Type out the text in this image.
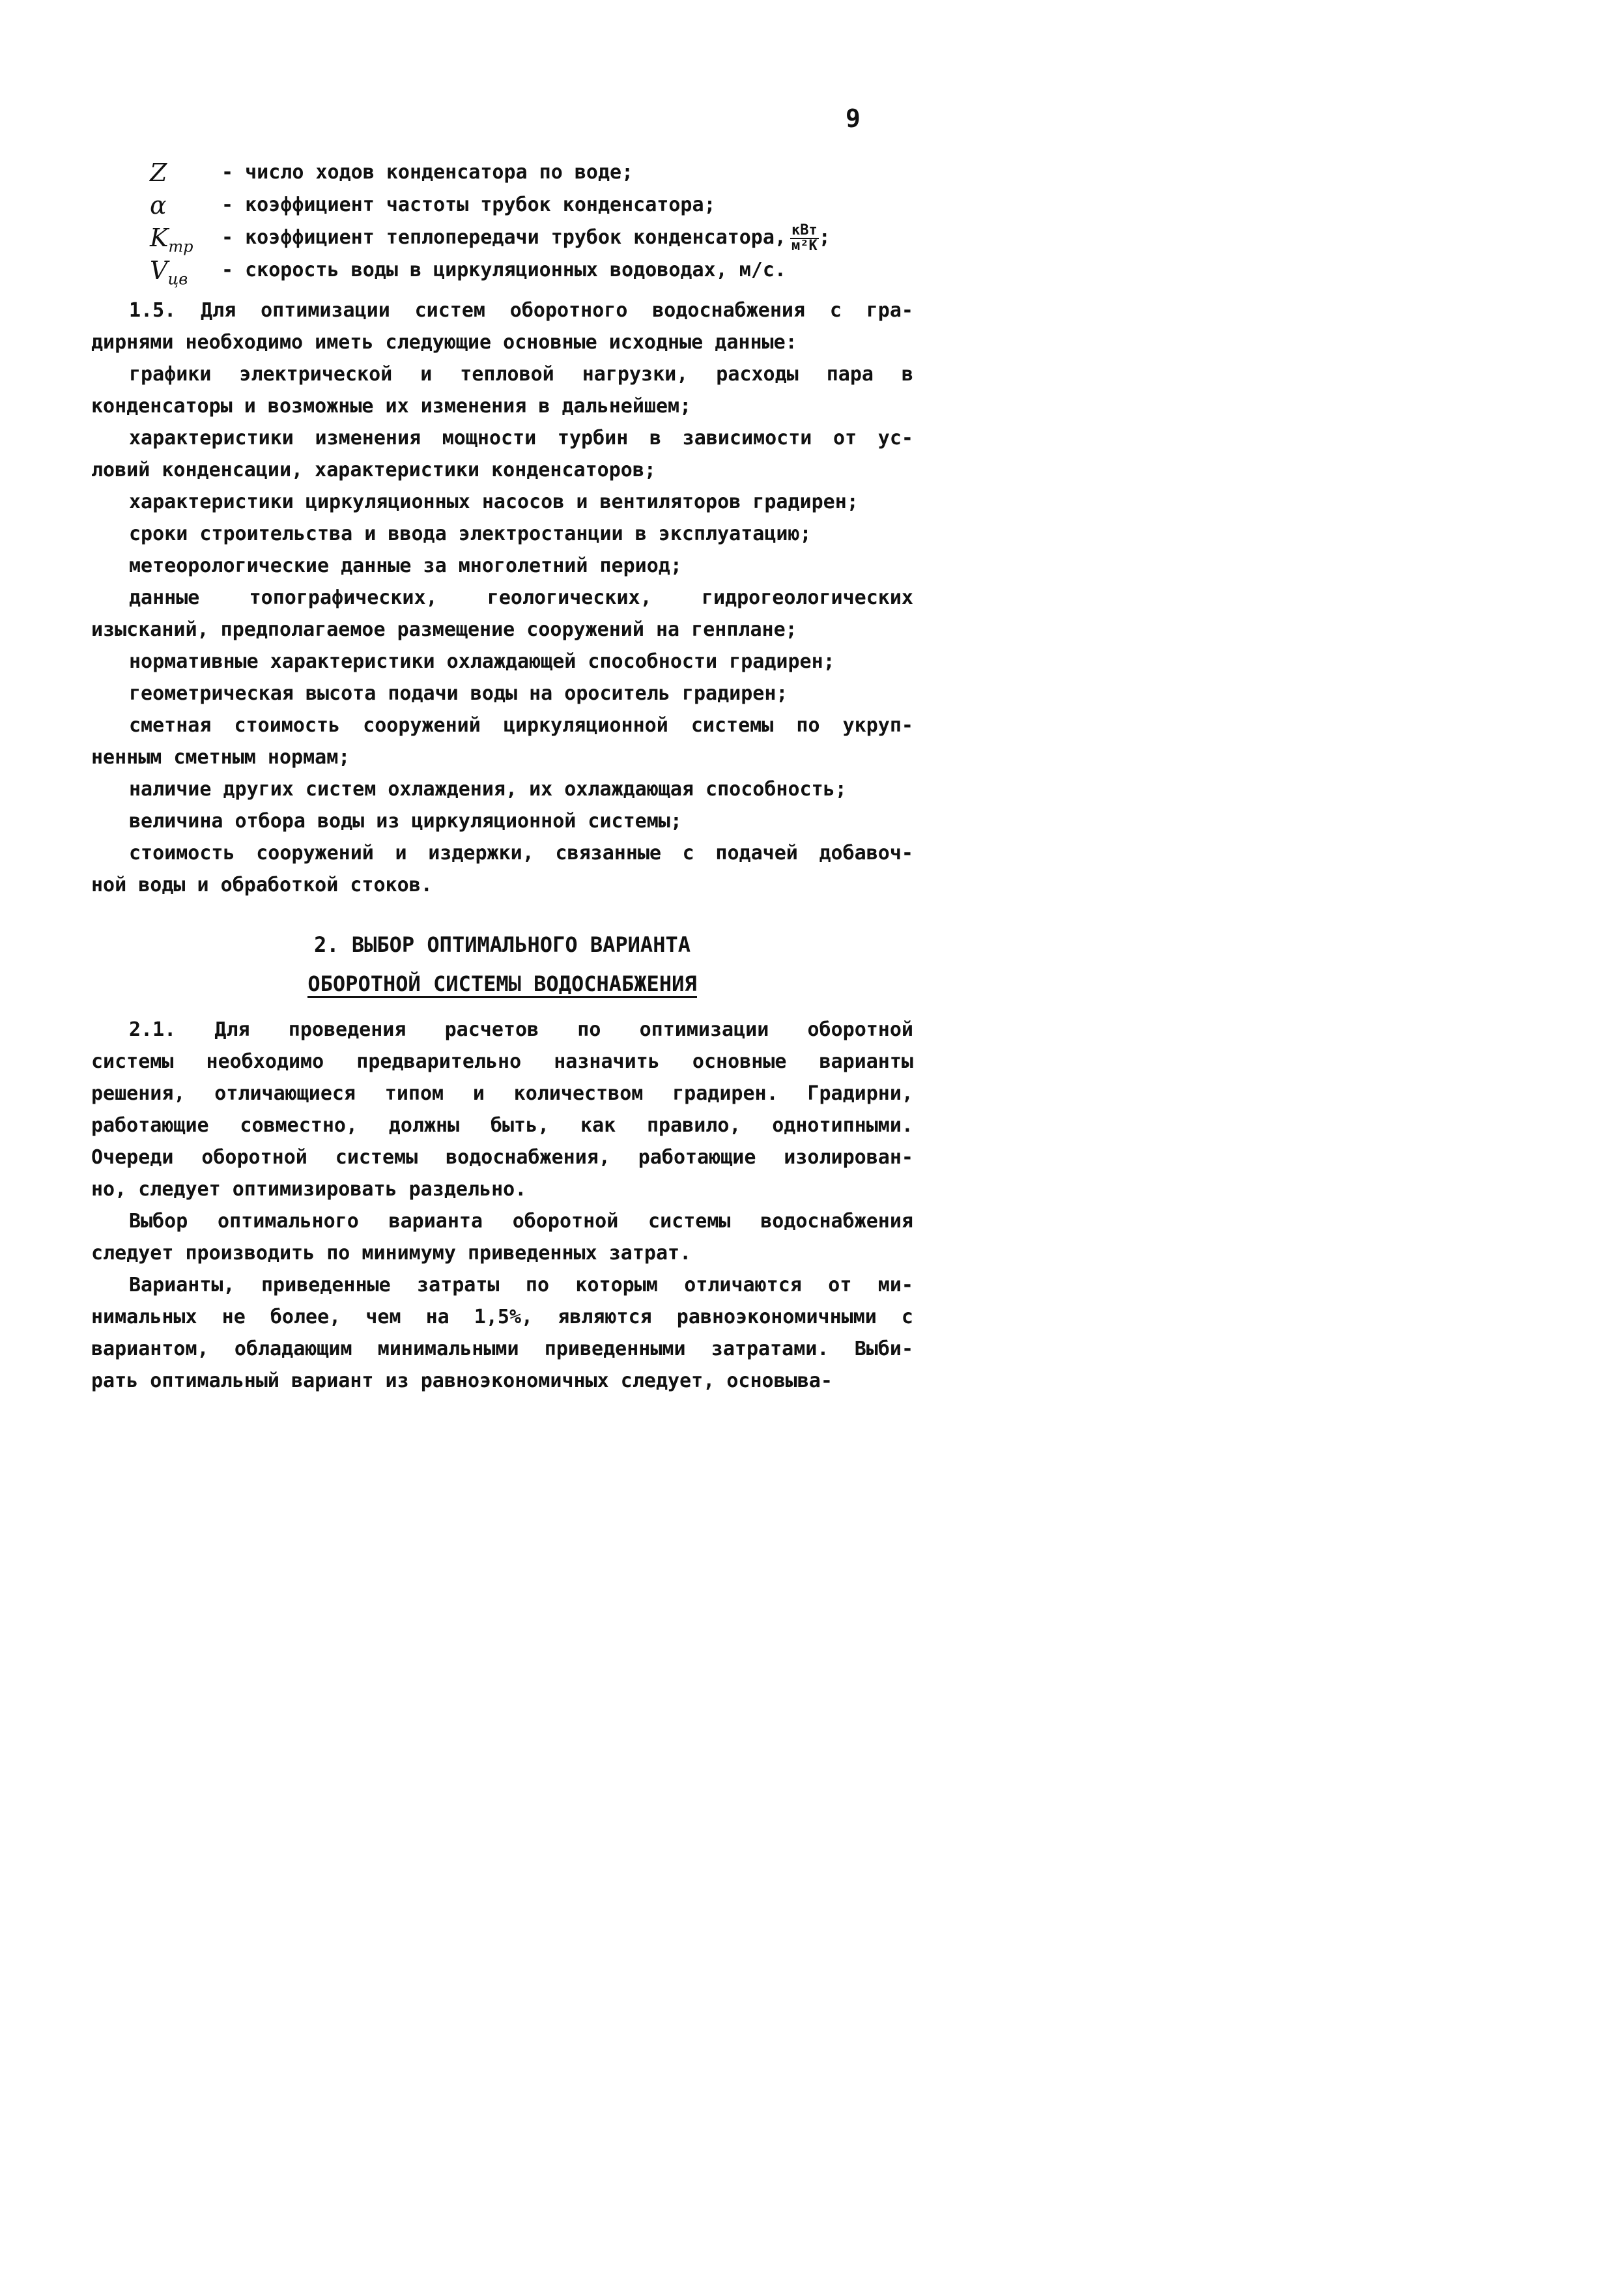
9
Z	- число ходов конденсатора по воде;
α	- коэффициент частоты трубок конденсатора;
$K_{тр}$	- коэффициент теплопередачи трубок конденсатора, $\frac{\text{кВт}}{\text{м²К}}$ ;
$V_{цв}$	- скорость воды в циркуляционных водоводах, м/с.
1.5. Для оптимизации систем оборотного водоснабжения с гра-
дирнями необходимо иметь следующие основные исходные данные:
графики электрической и тепловой нагрузки, расходы пара в
конденсаторы и возможные их изменения в дальнейшем;
характеристики изменения мощности турбин в зависимости от ус-
ловий конденсации, характеристики конденсаторов;
характеристики циркуляционных насосов и вентиляторов градирен;
сроки строительства и ввода электростанции в эксплуатацию;
метеорологические данные за многолетний период;
данные топографических, геологических, гидрогеологических
изысканий, предполагаемое размещение сооружений на генплане;
нормативные характеристики охлаждающей способности градирен;
геометрическая высота подачи воды на ороситель градирен;
сметная стоимость сооружений циркуляционной системы по укруп-
ненным сметным нормам;
наличие других систем охлаждения, их охлаждающая способность;
величина отбора воды из циркуляционной системы;
стоимость сооружений и издержки, связанные с подачей добавоч-
ной воды и обработкой стоков.
2. ВЫБОР ОПТИМАЛЬНОГО ВАРИАНТА
ОБОРОТНОЙ СИСТЕМЫ ВОДОСНАБЖЕНИЯ
2.1. Для проведения расчетов по оптимизации оборотной
системы необходимо предварительно назначить основные варианты
решения, отличающиеся типом и количеством градирен. Градирни,
работающие совместно, должны быть, как правило, однотипными.
Очереди оборотной системы водоснабжения, работающие изолирован-
но, следует оптимизировать раздельно.
Выбор оптимального варианта оборотной системы водоснабжения
следует производить по минимуму приведенных затрат.
Варианты, приведенные затраты по которым отличаются от ми-
нимальных не более, чем на 1,5%, являются равноэкономичными с
вариантом, обладающим минимальными приведенными затратами. Выби-
рать оптимальный вариант из равноэкономичных следует, основыва-
